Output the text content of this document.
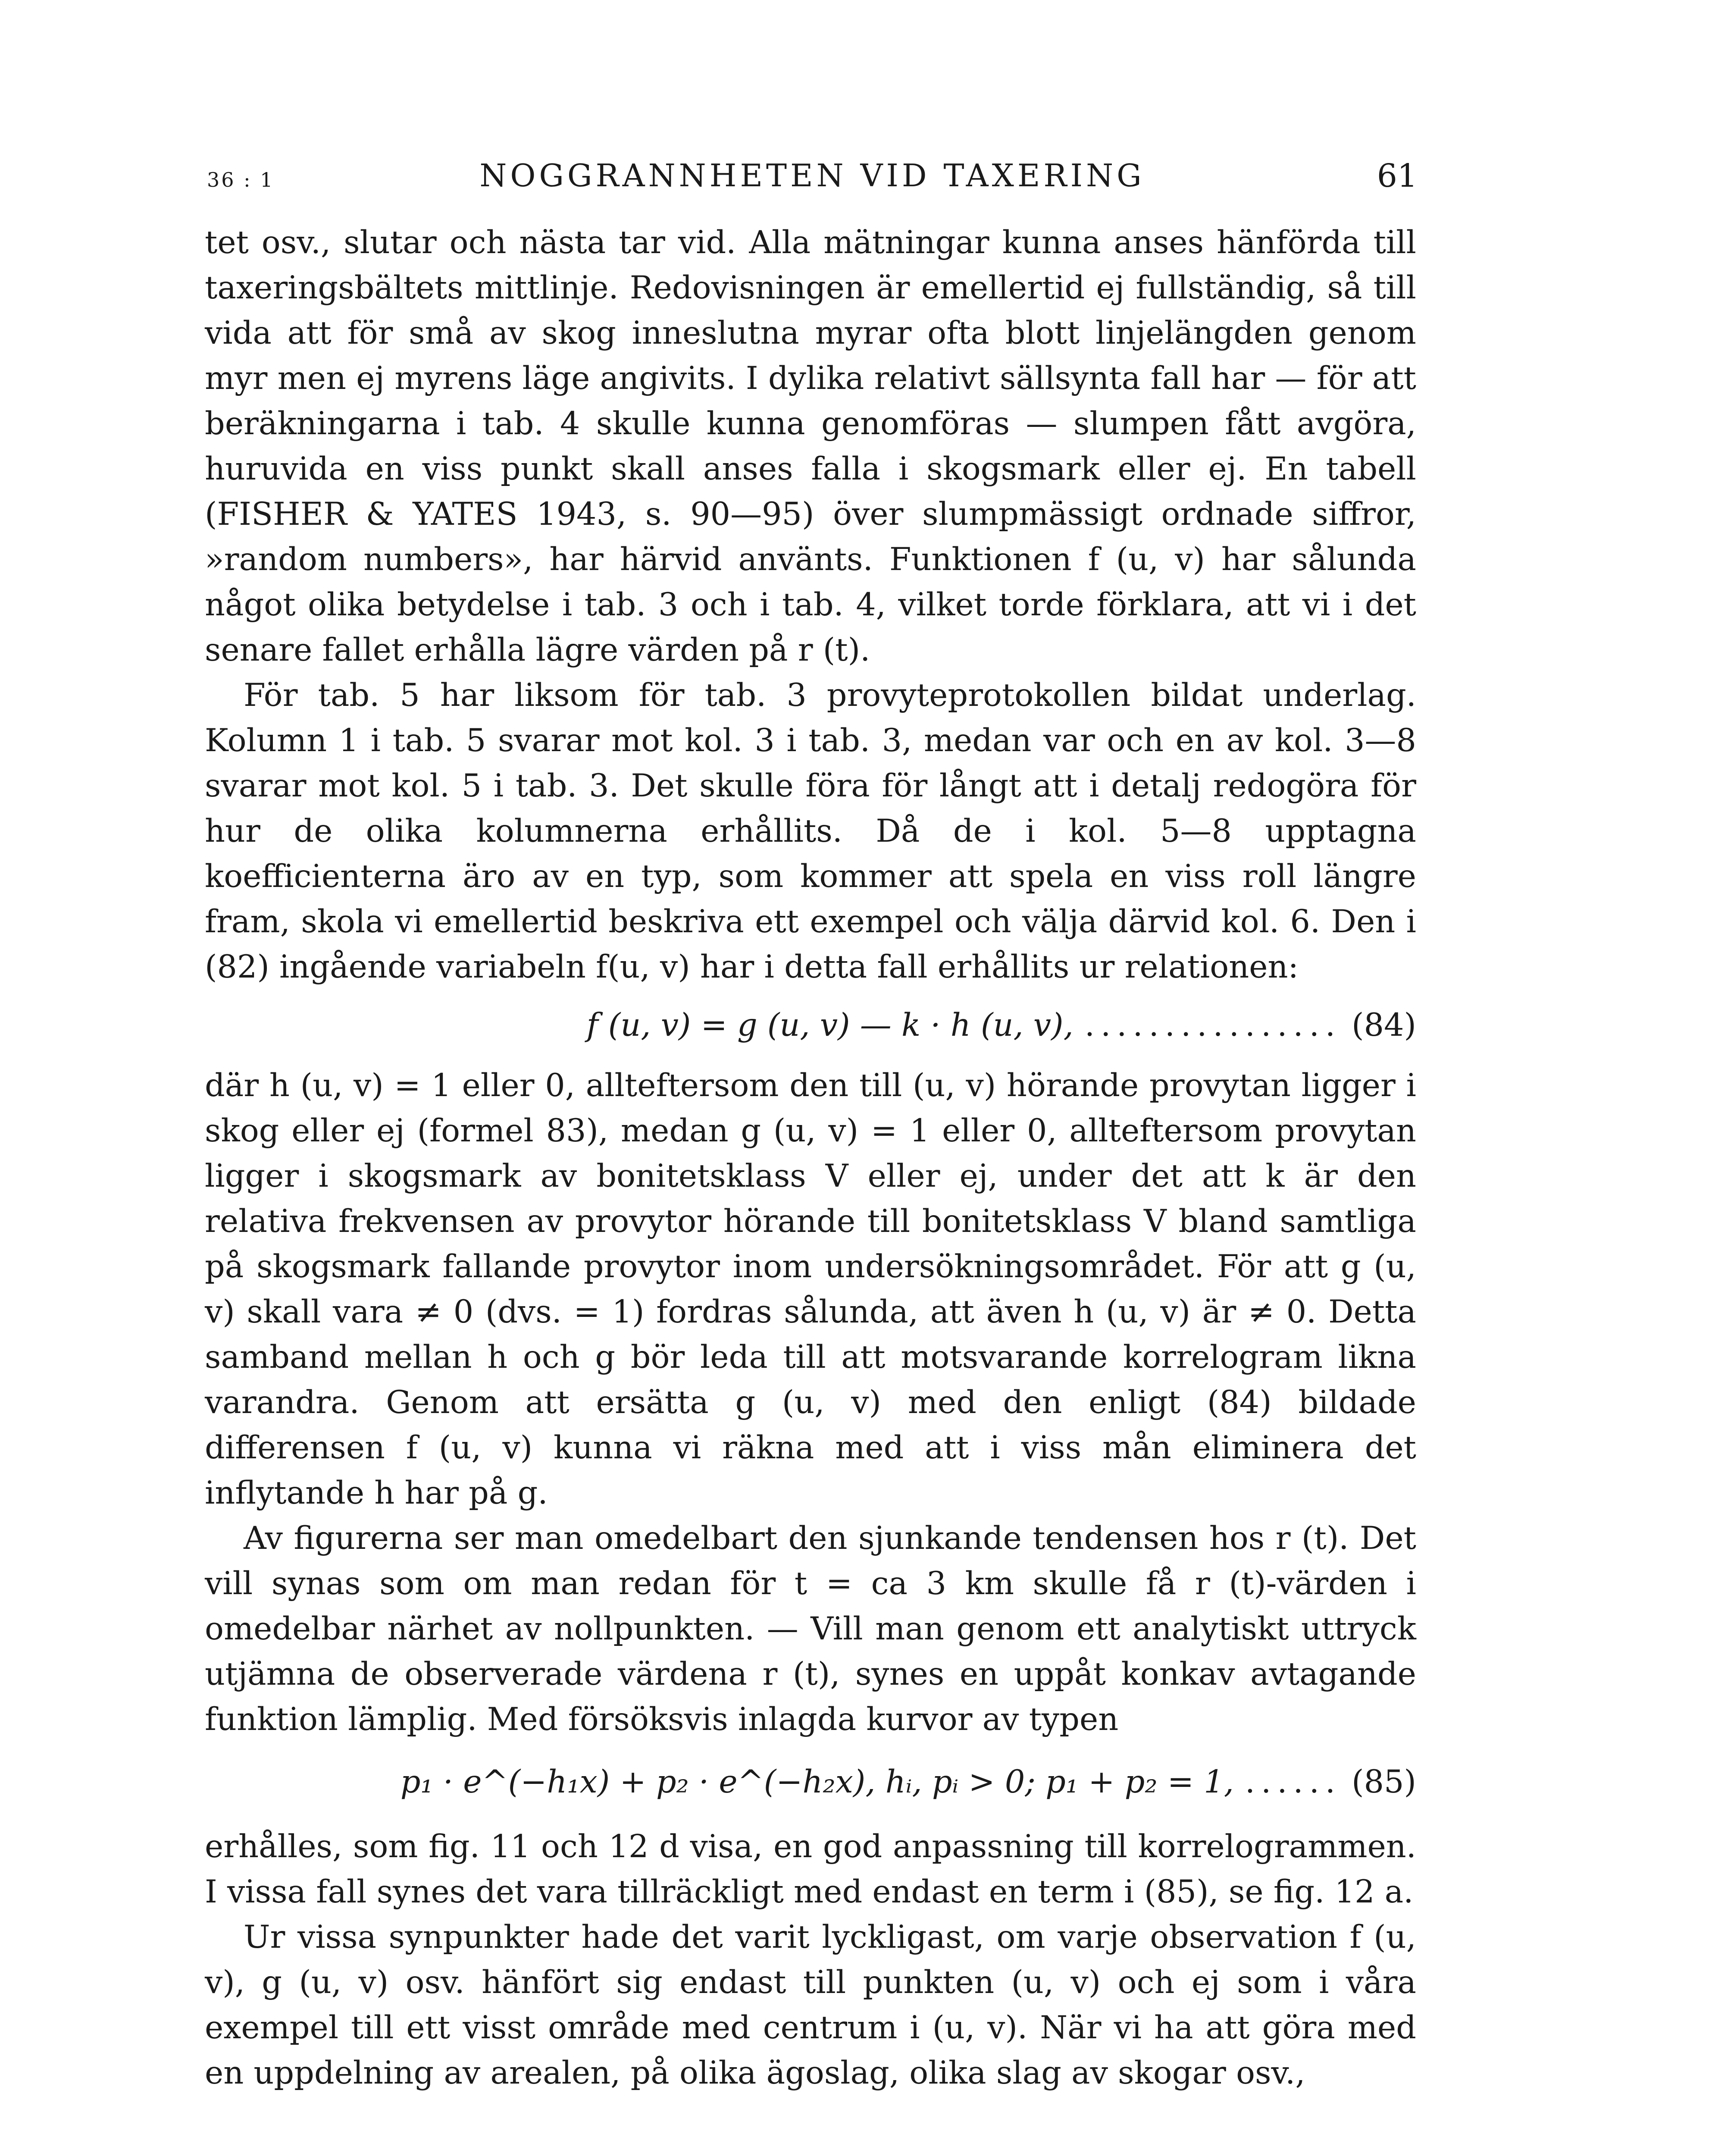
36 : 1	NOGGRANNHETEN VID TAXERING	61

tet osv., slutar och nästa tar vid. Alla mätningar kunna anses hänförda till taxeringsbältets mittlinje. Redovisningen är emellertid ej fullständig, så till vida att för små av skog inneslutna myrar ofta blott linjelängden genom myr men ej myrens läge angivits. I dylika relativt sällsynta fall har — för att beräkningarna i tab. 4 skulle kunna genomföras — slumpen fått avgöra, huruvida en viss punkt skall anses falla i skogsmark eller ej. En tabell (FISHER & YATES 1943, s. 90—95) över slumpmässigt ordnade siffror, »random numbers», har härvid använts. Funktionen f (u, v) har sålunda något olika betydelse i tab. 3 och i tab. 4, vilket torde förklara, att vi i det senare fallet erhålla lägre värden på r (t).

För tab. 5 har liksom för tab. 3 provyteprotokollen bildat underlag. Kolumn 1 i tab. 5 svarar mot kol. 3 i tab. 3, medan var och en av kol. 3—8 svarar mot kol. 5 i tab. 3. Det skulle föra för långt att i detalj redogöra för hur de olika kolumnerna erhållits. Då de i kol. 5—8 upptagna koefficienterna äro av en typ, som kommer att spela en viss roll längre fram, skola vi emellertid beskriva ett exempel och välja därvid kol. 6. Den i (82) ingående variabeln f(u, v) har i detta fall erhållits ur relationen:

f (u, v) = g (u, v) — k · h (u, v), ................ (84)

där h (u, v) = 1 eller 0, allteftersom den till (u, v) hörande provytan ligger i skog eller ej (formel 83), medan g (u, v) = 1 eller 0, allteftersom provytan ligger i skogsmark av bonitetsklass V eller ej, under det att k är den relativa frekvensen av provytor hörande till bonitetsklass V bland samtliga på skogsmark fallande provytor inom undersökningsområdet. För att g (u, v) skall vara ≠ 0 (dvs. = 1) fordras sålunda, att även h (u, v) är ≠ 0. Detta samband mellan h och g bör leda till att motsvarande korrelogram likna varandra. Genom att ersätta g (u, v) med den enligt (84) bildade differensen f (u, v) kunna vi räkna med att i viss mån eliminera det inflytande h har på g.

Av figurerna ser man omedelbart den sjunkande tendensen hos r (t). Det vill synas som om man redan för t = ca 3 km skulle få r (t)-värden i omedelbar närhet av nollpunkten. — Vill man genom ett analytiskt uttryck utjämna de observerade värdena r (t), synes en uppåt konkav avtagande funktion lämplig. Med försöksvis inlagda kurvor av typen

p₁ · e^(−h₁x) + p₂ · e^(−h₂x), hᵢ, pᵢ > 0; p₁ + p₂ = 1, ...... (85)

erhålles, som fig. 11 och 12 d visa, en god anpassning till korrelogrammen. I vissa fall synes det vara tillräckligt med endast en term i (85), se fig. 12 a.

Ur vissa synpunkter hade det varit lyckligast, om varje observation f (u, v), g (u, v) osv. hänfört sig endast till punkten (u, v) och ej som i våra exempel till ett visst område med centrum i (u, v). När vi ha att göra med en uppdelning av arealen, på olika ägoslag, olika slag av skogar osv.,
